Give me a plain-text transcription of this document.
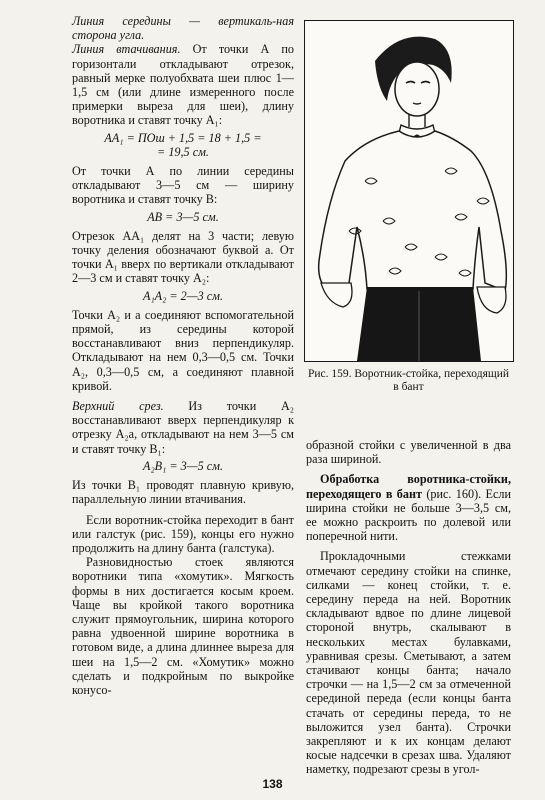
Линия середины — вертикаль-ная сторона угла.

Линия втачивания. От точки А по горизонтали откладывают отрезок, равный мерке полуобхвата шеи плюс 1—1,5 см (или длине измеренного после примерки выреза для шеи), длину воротника и ставят точку А₁:

АА₁ = ПОш + 1,5 = 18 + 1,5 =
= 19,5 см.

От точки А по линии середины откладывают 3—5 см — ширину воротника и ставят точку В:

АВ = 3—5 см.

Отрезок АА₁ делят на 3 части; левую точку деления обозначают буквой а. От точки А₁ вверх по вертикали откладывают 2—3 см и ставят точку А₂:

А₁А₂ = 2—3 см.

Точки А₂ и а соединяют вспомогательной прямой, из середины которой восстанавливают вниз перпендикуляр. Откладывают на нем 0,3—0,5 см. Точки А₂, 0,3—0,5 см, а соединяют плавной кривой.

Верхний срез. Из точки А₂ восстанавливают вверх перпендикуляр к отрезку А₂а, откладывают на нем 3—5 см и ставят точку В₁:

А₂В₁ = 3—5 см.

Из точки В₁ проводят плавную кривую, параллельную линии втачивания.

Если воротник-стойка переходит в бант или галстук (рис. 159), концы его нужно продолжить на длину банта (галстука).

Разновидностью стоек являются воротники типа «хомутик». Мягкость формы в них достигается косым кроем. Чаще вы кройкой такого воротника служит прямоугольник, ширина которого равна удвоенной ширине воротника в готовом виде, а длина длиннее выреза для шеи на 1,5—2 см. «Хомутик» можно сделать и подкройным по выкройке конусо-

Рис. 159. Воротник-стойка, переходящий в бант

образной стойки с увеличенной в два раза шириной.

Обработка воротника-стойки, переходящего в бант (рис. 160). Если ширина стойки не больше 3—3,5 см, ее можно раскроить по долевой или поперечной нити.

Прокладочными стежками отмечают середину стойки на спинке, силками — конец стойки, т. е. середину переда на ней. Воротник складывают вдвое по длине лицевой стороной внутрь, скалывают в нескольких местах булавками, уравнивая срезы. Сметывают, а затем стачивают концы банта; начало строчки — на 1,5—2 см за отмеченной серединой переда (если концы банта стачать от середины переда, то не выложится узел банта). Строчки закрепляют и к их концам делают косые надсечки в срезах шва. Удаляют наметку, подрезают срезы в угол-

138
